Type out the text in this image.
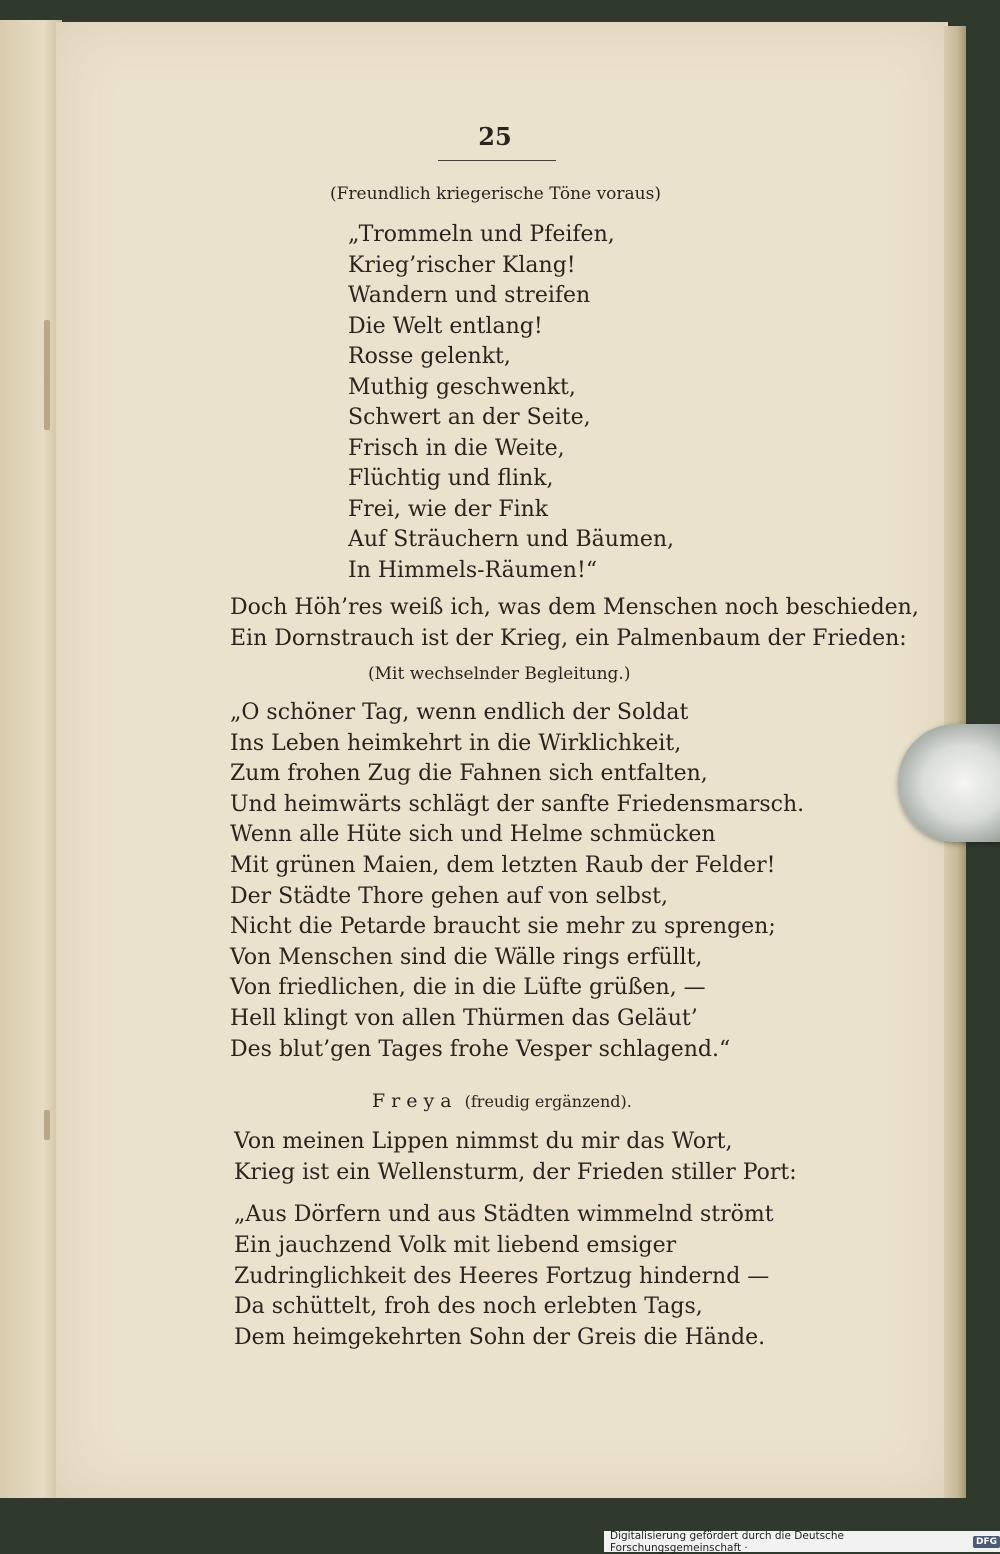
25
(Freundlich kriegerische Töne voraus)
„Trommeln und Pfeifen,
Krieg’rischer Klang!
Wandern und streifen
Die Welt entlang!
Rosse gelenkt,
Muthig geschwenkt,
Schwert an der Seite,
Frisch in die Weite,
Flüchtig und flink,
Frei, wie der Fink
Auf Sträuchern und Bäumen,
In Himmels-Räumen!“
Doch Höh’res weiß ich, was dem Menschen noch beschieden,
Ein Dornstrauch ist der Krieg, ein Palmenbaum der Frieden:
(Mit wechselnder Begleitung.)
„O schöner Tag, wenn endlich der Soldat
Ins Leben heimkehrt in die Wirklichkeit,
Zum frohen Zug die Fahnen sich entfalten,
Und heimwärts schlägt der sanfte Friedensmarsch.
Wenn alle Hüte sich und Helme schmücken
Mit grünen Maien, dem letzten Raub der Felder!
Der Städte Thore gehen auf von selbst,
Nicht die Petarde braucht sie mehr zu sprengen;
Von Menschen sind die Wälle rings erfüllt,
Von friedlichen, die in die Lüfte grüßen, —
Hell klingt von allen Thürmen das Geläut’
Des blut’gen Tages frohe Vesper schlagend.“
Freya (freudig ergänzend).
Von meinen Lippen nimmst du mir das Wort,
Krieg ist ein Wellensturm, der Frieden stiller Port:
„Aus Dörfern und aus Städten wimmelnd strömt
Ein jauchzend Volk mit liebend emsiger
Zudringlichkeit des Heeres Fortzug hindernd —
Da schüttelt, froh des noch erlebten Tags,
Dem heimgekehrten Sohn der Greis die Hände.
Digitalisierung gefördert durch die Deutsche Forschungsgemeinschaft ·	DFG
